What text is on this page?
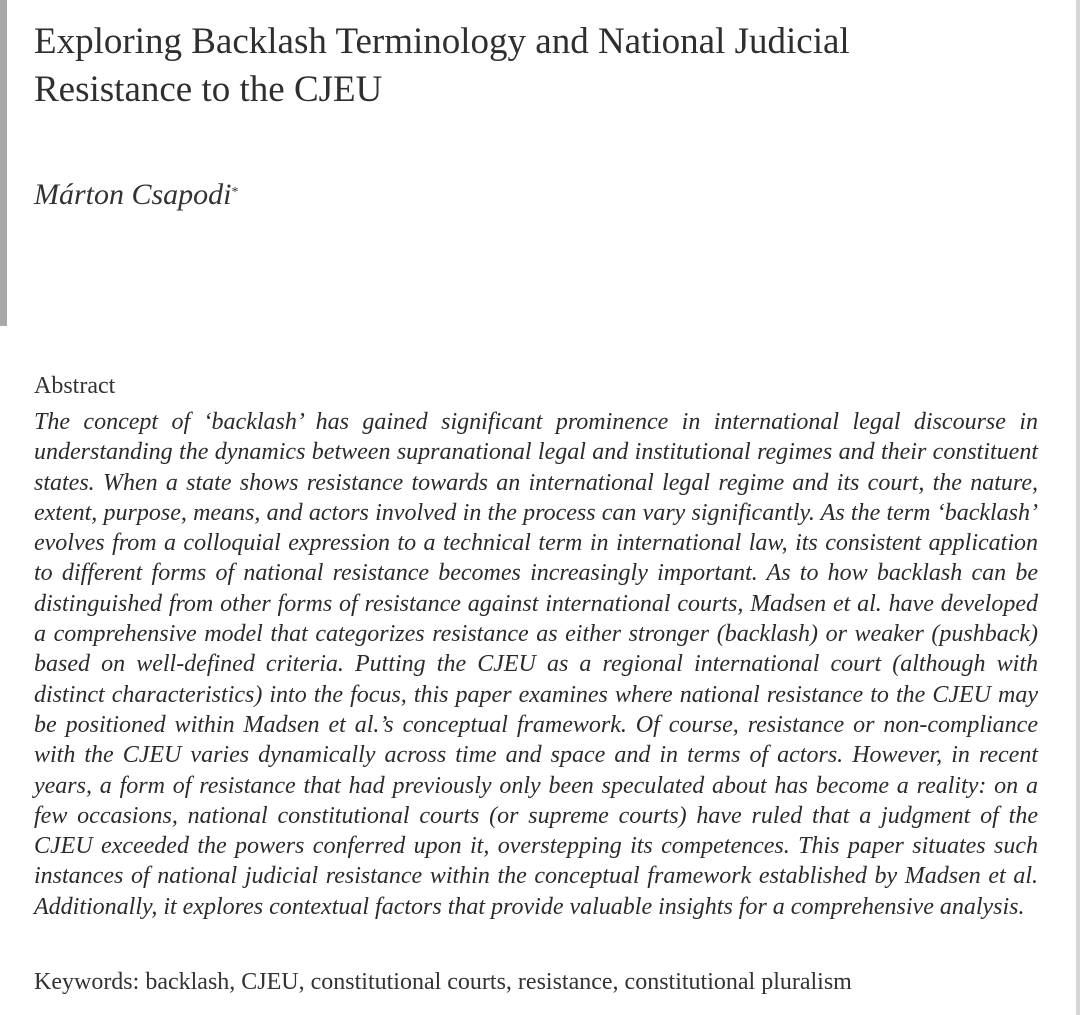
Exploring Backlash Terminology and National Judicial Resistance to the CJEU
Márton Csapodi*
Abstract

The concept of ‘backlash’ has gained significant prominence in international legal discourse in understanding the dynamics between supranational legal and institutional regimes and their constituent states. When a state shows resistance towards an international legal regime and its court, the nature, extent, purpose, means, and actors involved in the process can vary significantly. As the term ‘backlash’ evolves from a colloquial expression to a technical term in international law, its consistent application to different forms of national resistance becomes increasingly important. As to how backlash can be distinguished from other forms of resistance against international courts, Madsen et al. have developed a comprehensive model that categorizes resistance as either stronger (backlash) or weaker (pushback) based on well-defined criteria. Putting the CJEU as a regional international court (although with distinct characteristics) into the focus, this paper examines where national resistance to the CJEU may be positioned within Madsen et al.’s conceptual framework. Of course, resistance or non-compliance with the CJEU varies dynamically across time and space and in terms of actors. However, in recent years, a form of resistance that had previously only been speculated about has become a reality: on a few occasions, national constitutional courts (or supreme courts) have ruled that a judgment of the CJEU exceeded the powers conferred upon it, overstepping its competences. This paper situates such instances of national judicial resistance within the conceptual framework established by Madsen et al. Additionally, it explores contextual factors that provide valuable insights for a comprehensive analysis.

Keywords: backlash, CJEU, constitutional courts, resistance, constitutional pluralism
